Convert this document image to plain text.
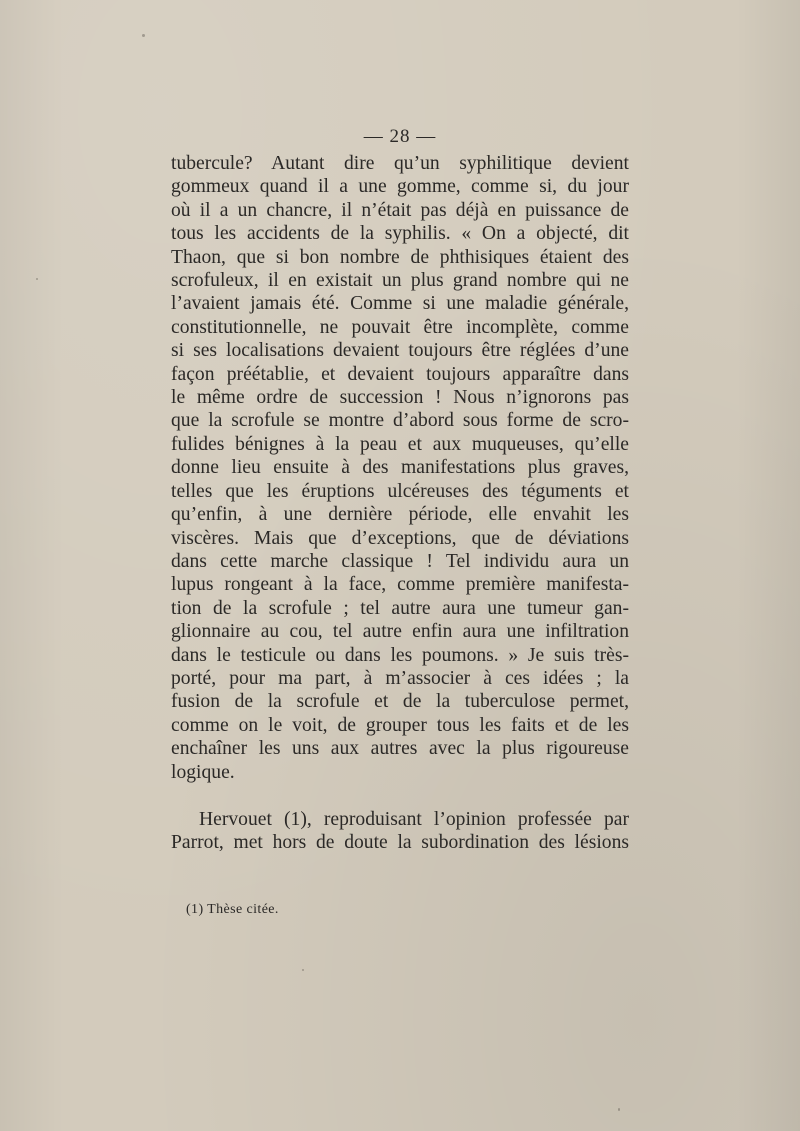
— 28 —
tubercule? Autant dire qu’un syphilitique devient
gommeux quand il a une gomme, comme si, du jour
où il a un chancre, il n’était pas déjà en puissance de
tous les accidents de la syphilis. « On a objecté, dit
Thaon, que si bon nombre de phthisiques étaient des
scrofuleux, il en existait un plus grand nombre qui ne
l’avaient jamais été. Comme si une maladie générale,
constitutionnelle, ne pouvait être incomplète, comme
si ses localisations devaient toujours être réglées d’une
façon préétablie, et devaient toujours apparaître dans
le même ordre de succession ! Nous n’ignorons pas
que la scrofule se montre d’abord sous forme de scro-
fulides bénignes à la peau et aux muqueuses, qu’elle
donne lieu ensuite à des manifestations plus graves,
telles que les éruptions ulcéreuses des téguments et
qu’enfin, à une dernière période, elle envahit les
viscères. Mais que d’exceptions, que de déviations
dans cette marche classique ! Tel individu aura un
lupus rongeant à la face, comme première manifesta-
tion de la scrofule ; tel autre aura une tumeur gan-
glionnaire au cou, tel autre enfin aura une infiltration
dans le testicule ou dans les poumons. » Je suis très-
porté, pour ma part, à m’associer à ces idées ; la
fusion de la scrofule et de la tuberculose permet,
comme on le voit, de grouper tous les faits et de les
enchaîner les uns aux autres avec la plus rigoureuse
logique.
Hervouet (1), reproduisant l’opinion professée par
Parrot, met hors de doute la subordination des lésions
(1) Thèse citée.
